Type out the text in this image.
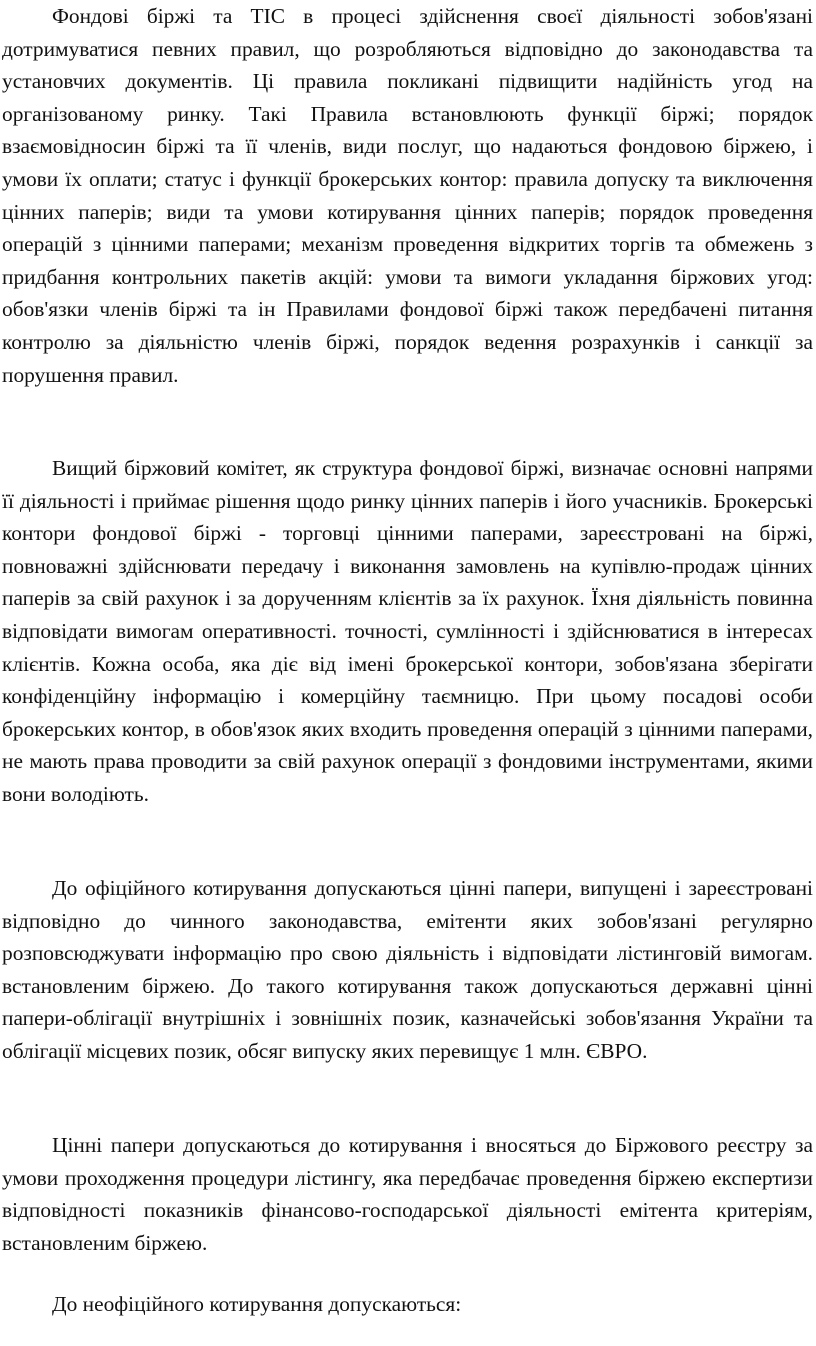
Фондові біржі та ТІС в процесі здійснення своєї діяльності зобов'язані дотримуватися певних правил, що розробляються відповідно до законодавства та установчих документів. Ці правила покликані підвищити надійність угод на організованому ринку. Такі Правила встановлюють функції біржі; порядок взаємовідносин біржі та її членів, види послуг, що надаються фондовою біржею, і умови їх оплати; статус і функції брокерських контор: правила допуску та виключення цінних паперів; види та умови котирування цінних паперів; порядок проведення операцій з цінними паперами; механізм проведення відкритих торгів та обмежень з придбання контрольних пакетів акцій: умови та вимоги укладання біржових угод: обов'язки членів біржі та ін Правилами фондової біржі також передбачені питання контролю за діяльністю членів біржі, порядок ведення розрахунків і санкції за порушення правил.

Вищий біржовий комітет, як структура фондової біржі, визначає основні напрями її діяльності і приймає рішення щодо ринку цінних паперів і його учасників. Брокерські контори фондової біржі - торговці цінними паперами, зареєстровані на біржі, повноважні здійснювати передачу і виконання замовлень на купівлю-продаж цінних паперів за свій рахунок і за дорученням клієнтів за їх рахунок. Їхня діяльність повинна відповідати вимогам оперативності. точності, сумлінності і здійснюватися в інтересах клієнтів. Кожна особа, яка діє від імені брокерської контори, зобов'язана зберігати конфіденційну інформацію і комерційну таємницю. При цьому посадові особи брокерських контор, в обов'язок яких входить проведення операцій з цінними паперами, не мають права проводити за свій рахунок операції з фондовими інструментами, якими вони володіють.

До офіційного котирування допускаються цінні папери, випущені і зареєстровані відповідно до чинного законодавства, емітенти яких зобов'язані регулярно розповсюджувати інформацію про свою діяльність і відповідати лістинговій вимогам. встановленим біржею. До такого котирування також допускаються державні цінні папери-облігації внутрішніх і зовнішніх позик, казначейські зобов'язання України та облігації місцевих позик, обсяг випуску яких перевищує 1 млн. ЄВРО.

Цінні папери допускаються до котирування і вносяться до Біржового реєстру за умови проходження процедури лістингу, яка передбачає проведення біржею експертизи відповідності показників фінансово-господарської діяльності емітента критеріям, встановленим біржею.

До неофіційного котирування допускаються:
